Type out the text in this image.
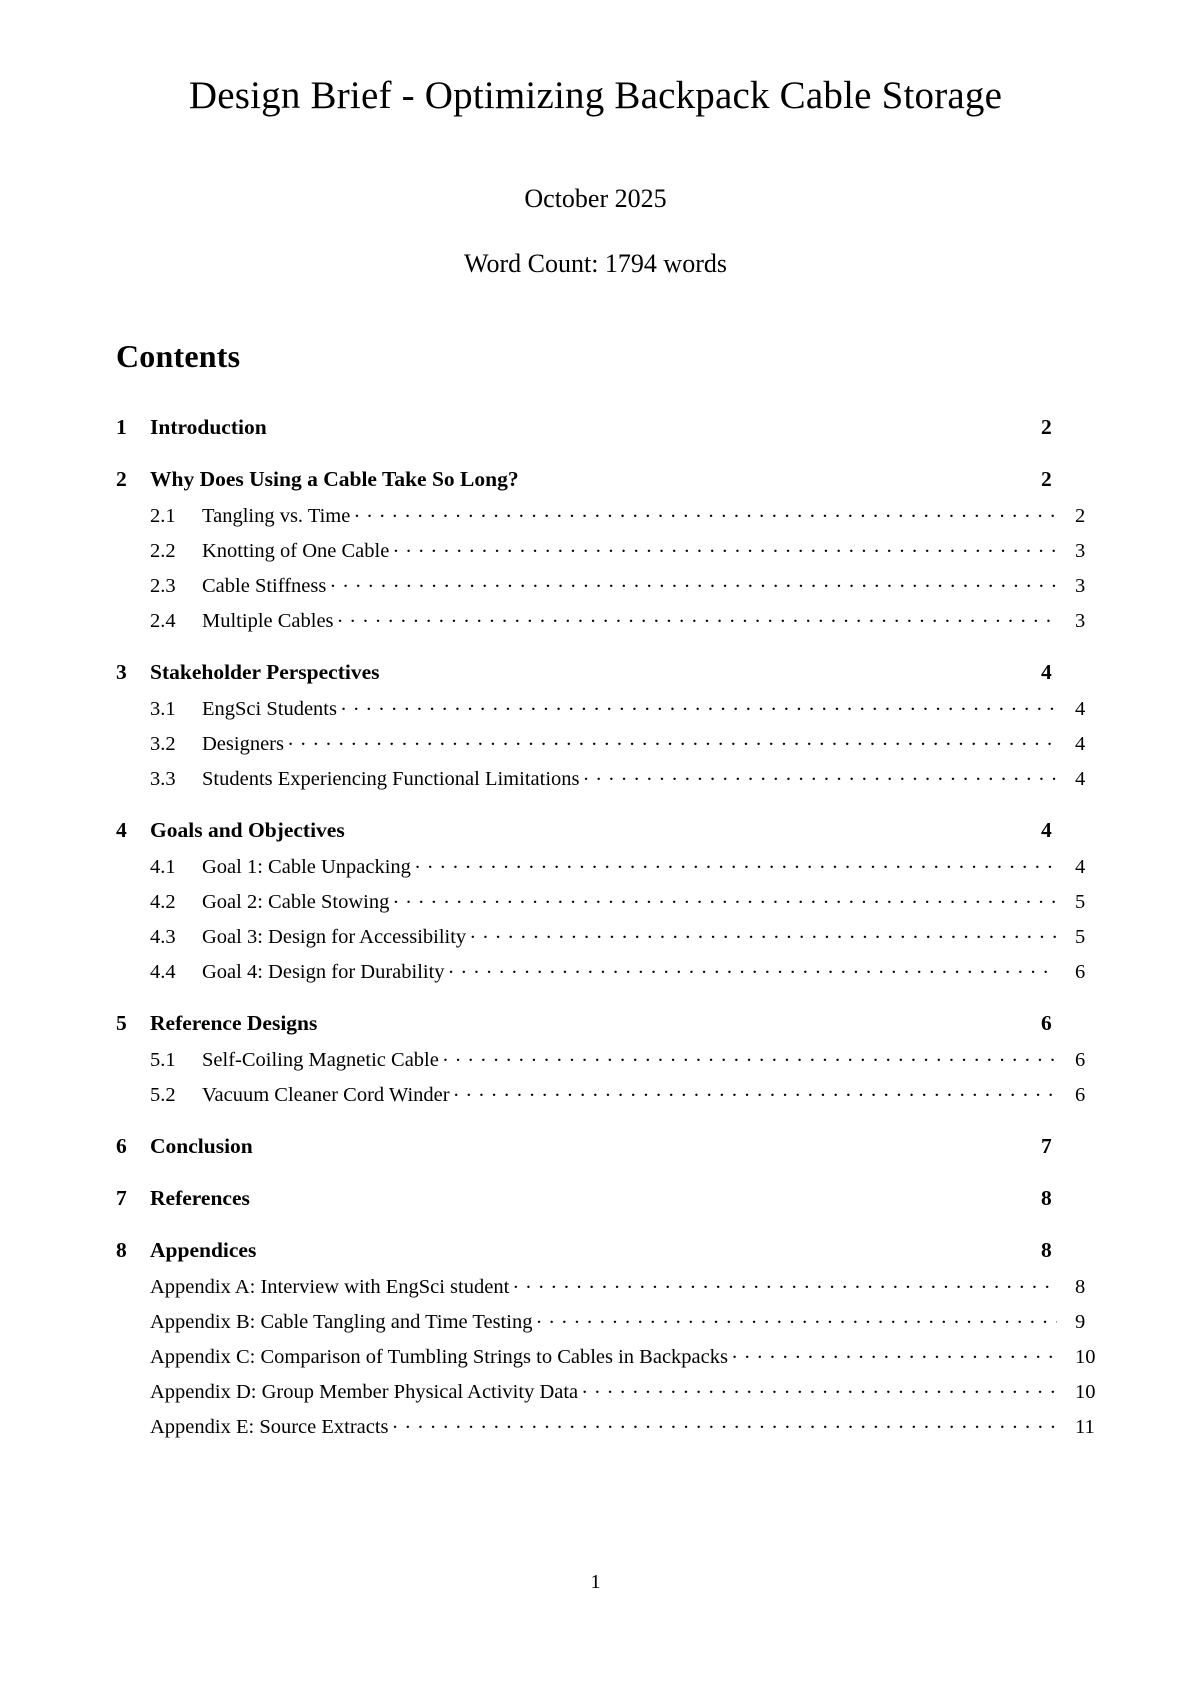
Design Brief - Optimizing Backpack Cable Storage
October 2025
Word Count: 1794 words
Contents
1	Introduction	2
2	Why Does Using a Cable Take So Long?	2
2.1	Tangling vs. Time . . .	2
2.2	Knotting of One Cable . . .	3
2.3	Cable Stiffness . . .	3
2.4	Multiple Cables . . .	3
3	Stakeholder Perspectives	4
3.1	EngSci Students . . .	4
3.2	Designers . . .	4
3.3	Students Experiencing Functional Limitations . . .	4
4	Goals and Objectives	4
4.1	Goal 1: Cable Unpacking . . .	4
4.2	Goal 2: Cable Stowing . . .	5
4.3	Goal 3: Design for Accessibility . . .	5
4.4	Goal 4: Design for Durability . . .	6
5	Reference Designs	6
5.1	Self-Coiling Magnetic Cable . . .	6
5.2	Vacuum Cleaner Cord Winder . . .	6
6	Conclusion	7
7	References	8
8	Appendices	8
Appendix A: Interview with EngSci student . . .	8
Appendix B: Cable Tangling and Time Testing . . .	9
Appendix C: Comparison of Tumbling Strings to Cables in Backpacks . . .	10
Appendix D: Group Member Physical Activity Data . . .	10
Appendix E: Source Extracts . . .	11
1
